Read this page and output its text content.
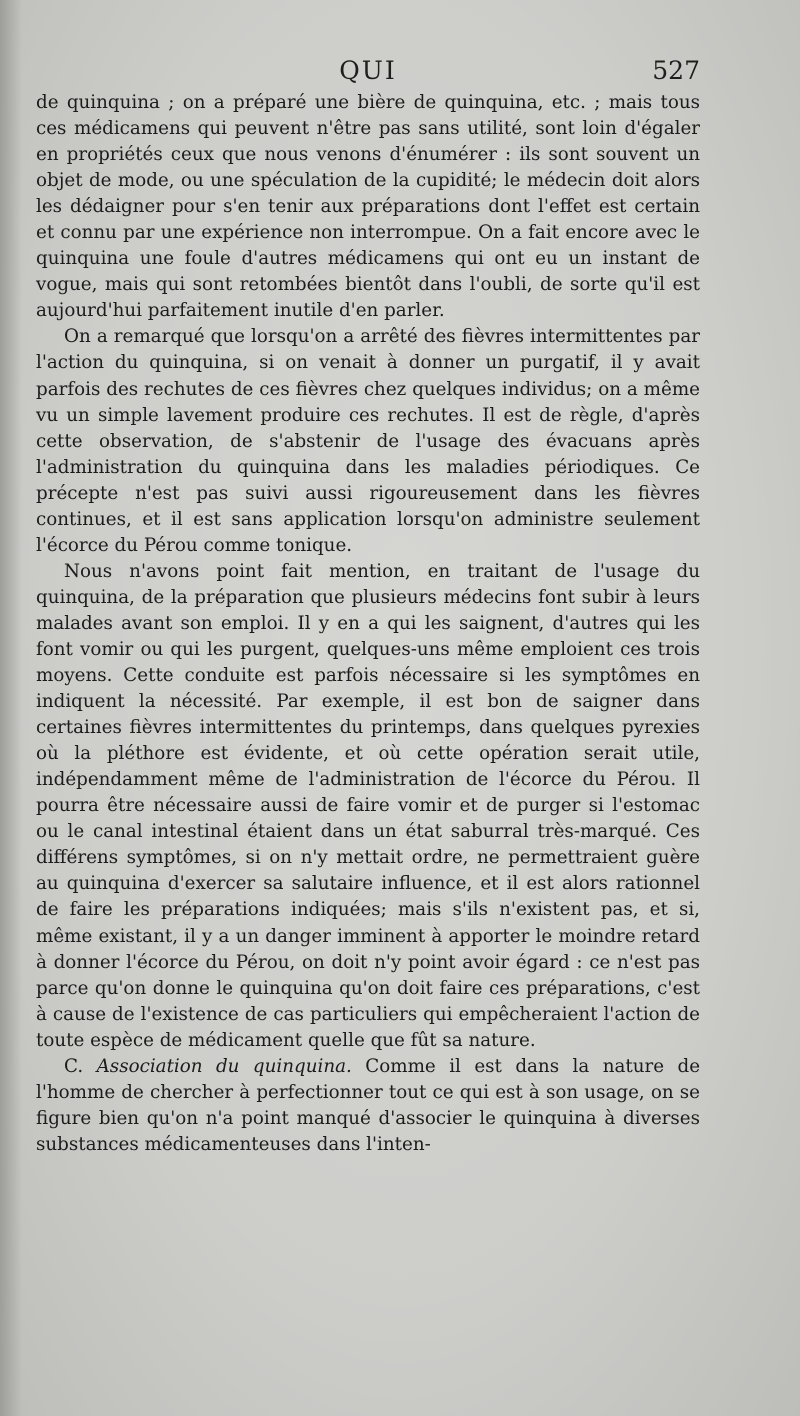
QUI	527

de quinquina ; on a préparé une bière de quinquina, etc. ; mais tous ces médicamens qui peuvent n'être pas sans utilité, sont loin d'égaler en propriétés ceux que nous venons d'énumérer : ils sont souvent un objet de mode, ou une spéculation de la cupidité; le médecin doit alors les dédaigner pour s'en tenir aux préparations dont l'effet est certain et connu par une expérience non interrompue. On a fait encore avec le quinquina une foule d'autres médicamens qui ont eu un instant de vogue, mais qui sont retombées bientôt dans l'oubli, de sorte qu'il est aujourd'hui parfaitement inutile d'en parler.

On a remarqué que lorsqu'on a arrêté des fièvres intermittentes par l'action du quinquina, si on venait à donner un purgatif, il y avait parfois des rechutes de ces fièvres chez quelques individus; on a même vu un simple lavement produire ces rechutes. Il est de règle, d'après cette observation, de s'abstenir de l'usage des évacuans après l'administration du quinquina dans les maladies périodiques. Ce précepte n'est pas suivi aussi rigoureusement dans les fièvres continues, et il est sans application lorsqu'on administre seulement l'écorce du Pérou comme tonique.

Nous n'avons point fait mention, en traitant de l'usage du quinquina, de la préparation que plusieurs médecins font subir à leurs malades avant son emploi. Il y en a qui les saignent, d'autres qui les font vomir ou qui les purgent, quelques-uns même emploient ces trois moyens. Cette conduite est parfois nécessaire si les symptômes en indiquent la nécessité. Par exemple, il est bon de saigner dans certaines fièvres intermittentes du printemps, dans quelques pyrexies où la pléthore est évidente, et où cette opération serait utile, indépendamment même de l'administration de l'écorce du Pérou. Il pourra être nécessaire aussi de faire vomir et de purger si l'estomac ou le canal intestinal étaient dans un état saburral très-marqué. Ces différens symptômes, si on n'y mettait ordre, ne permettraient guère au quinquina d'exercer sa salutaire influence, et il est alors rationnel de faire les préparations indiquées; mais s'ils n'existent pas, et si, même existant, il y a un danger imminent à apporter le moindre retard à donner l'écorce du Pérou, on doit n'y point avoir égard : ce n'est pas parce qu'on donne le quinquina qu'on doit faire ces préparations, c'est à cause de l'existence de cas particuliers qui empêcheraient l'action de toute espèce de médicament quelle que fût sa nature.

C. Association du quinquina. Comme il est dans la nature de l'homme de chercher à perfectionner tout ce qui est à son usage, on se figure bien qu'on n'a point manqué d'associer le quinquina à diverses substances médicamenteuses dans l'inten-
